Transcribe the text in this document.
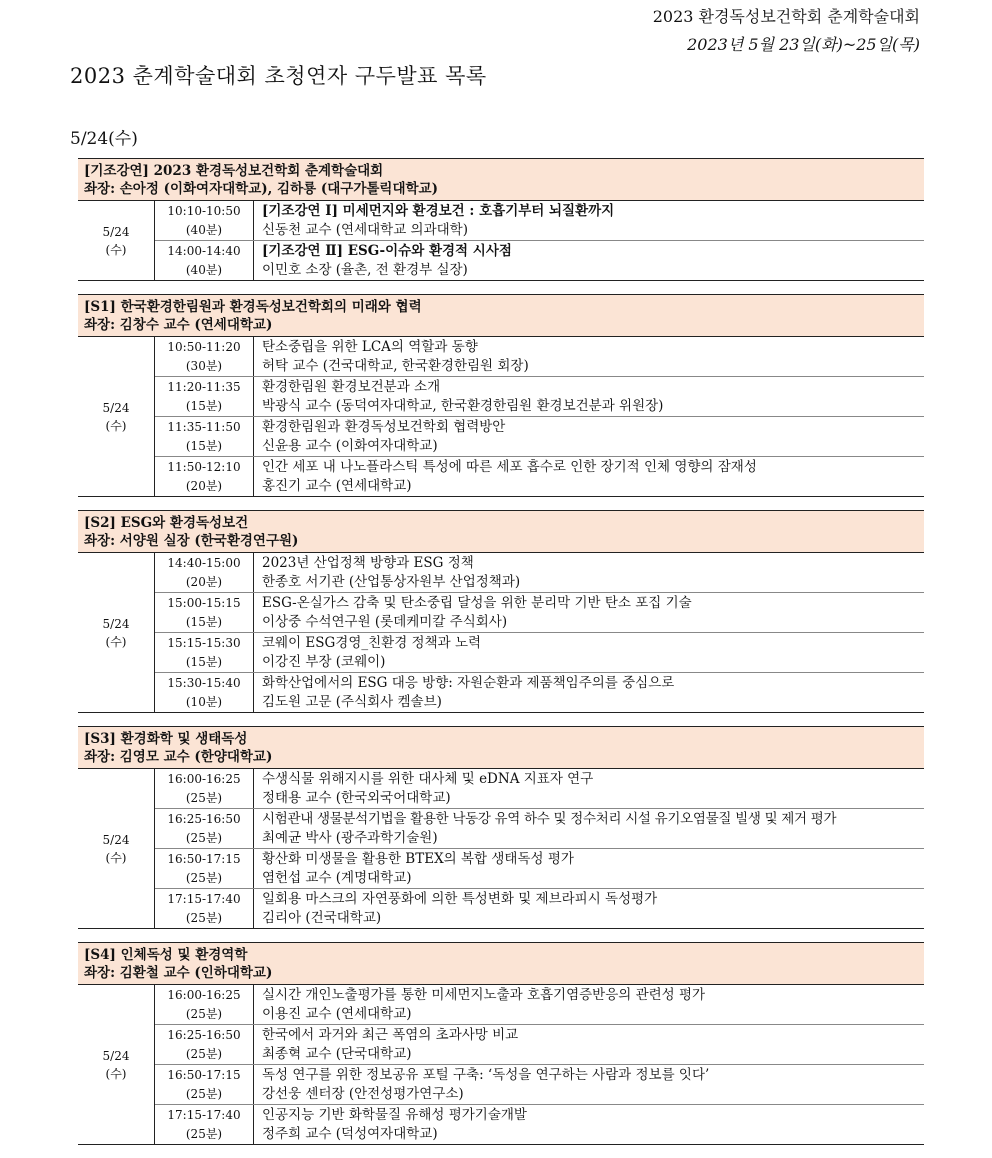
2023 환경독성보건학회 춘계학술대회
2023년 5월 23일(화)~25일(목)
2023 춘계학술대회 초청연자 구두발표 목록
5/24(수)
[기조강연] 2023 환경독성보건학회 춘계학술대회
좌장: 손아정 (이화여자대학교), 김하룡 (대구가톨릭대학교)
5/24
(수)
10:10-10:50
(40분)
[기조강연 I] 미세먼지와 환경보건 : 호흡기부터 뇌질환까지
신동천 교수 (연세대학교 의과대학)
14:00-14:40
(40분)
[기조강연 Ⅱ] ESG-이슈와 환경적 시사점
이민호 소장 (율촌, 전 환경부 실장)
[S1] 한국환경한림원과 환경독성보건학회의 미래와 협력
좌장: 김창수 교수 (연세대학교)
5/24
(수)
10:50-11:20
(30분)
탄소중립을 위한 LCA의 역할과 동향
허탁 교수 (건국대학교, 한국환경한림원 회장)
11:20-11:35
(15분)
환경한림원 환경보건분과 소개
박광식 교수 (동덕여자대학교, 한국환경한림원 환경보건분과 위원장)
11:35-11:50
(15분)
환경한림원과 환경독성보건학회 협력방안
신윤용 교수 (이화여자대학교)
11:50-12:10
(20분)
인간 세포 내 나노플라스틱 특성에 따른 세포 흡수로 인한 장기적 인체 영향의 잠재성
홍진기 교수 (연세대학교)
[S2] ESG와 환경독성보건
좌장: 서양원 실장 (한국환경연구원)
5/24
(수)
14:40-15:00
(20분)
2023년 산업정책 방향과 ESG 정책
한종호 서기관 (산업통상자원부 산업정책과)
15:00-15:15
(15분)
ESG-온실가스 감축 및 탄소중립 달성을 위한 분리막 기반 탄소 포집 기술
이상중 수석연구원 (롯데케미칼 주식회사)
15:15-15:30
(15분)
코웨이 ESG경영_친환경 정책과 노력
이강진 부장 (코웨이)
15:30-15:40
(10분)
화학산업에서의 ESG 대응 방향: 자원순환과 제품책임주의를 중심으로
김도원 고문 (주식회사 켐솔브)
[S3] 환경화학 및 생태독성
좌장: 김영모 교수 (한양대학교)
5/24
(수)
16:00-16:25
(25분)
수생식물 위해지시를 위한 대사체 및 eDNA 지표자 연구
정태용 교수 (한국외국어대학교)
16:25-16:50
(25분)
시험관내 생물분석기법을 활용한 낙동강 유역 하수 및 정수처리 시설 유기오염물질 빌생 및 제거 평가
최예균 박사 (광주과학기술원)
16:50-17:15
(25분)
황산화 미생물을 활용한 BTEX의 복합 생태독성 평가
염헌섭 교수 (계명대학교)
17:15-17:40
(25분)
일회용 마스크의 자연풍화에 의한 특성변화 및 제브라피시 독성평가
김리아 (건국대학교)
[S4] 인체독성 및 환경역학
좌장: 김환철 교수 (인하대학교)
5/24
(수)
16:00-16:25
(25분)
실시간 개인노출평가를 통한 미세먼지노출과 호흡기염증반응의 관련성 평가
이용진 교수 (연세대학교)
16:25-16:50
(25분)
한국에서 과거와 최근 폭염의 초과사망 비교
최종혁 교수 (단국대학교)
16:50-17:15
(25분)
독성 연구를 위한 정보공유 포털 구축: ‘독성을 연구하는 사람과 정보를 잇다’
강선웅 센터장 (안전성평가연구소)
17:15-17:40
(25분)
인공지능 기반 화학물질 유해성 평가기술개발
정주희 교수 (덕성여자대학교)
